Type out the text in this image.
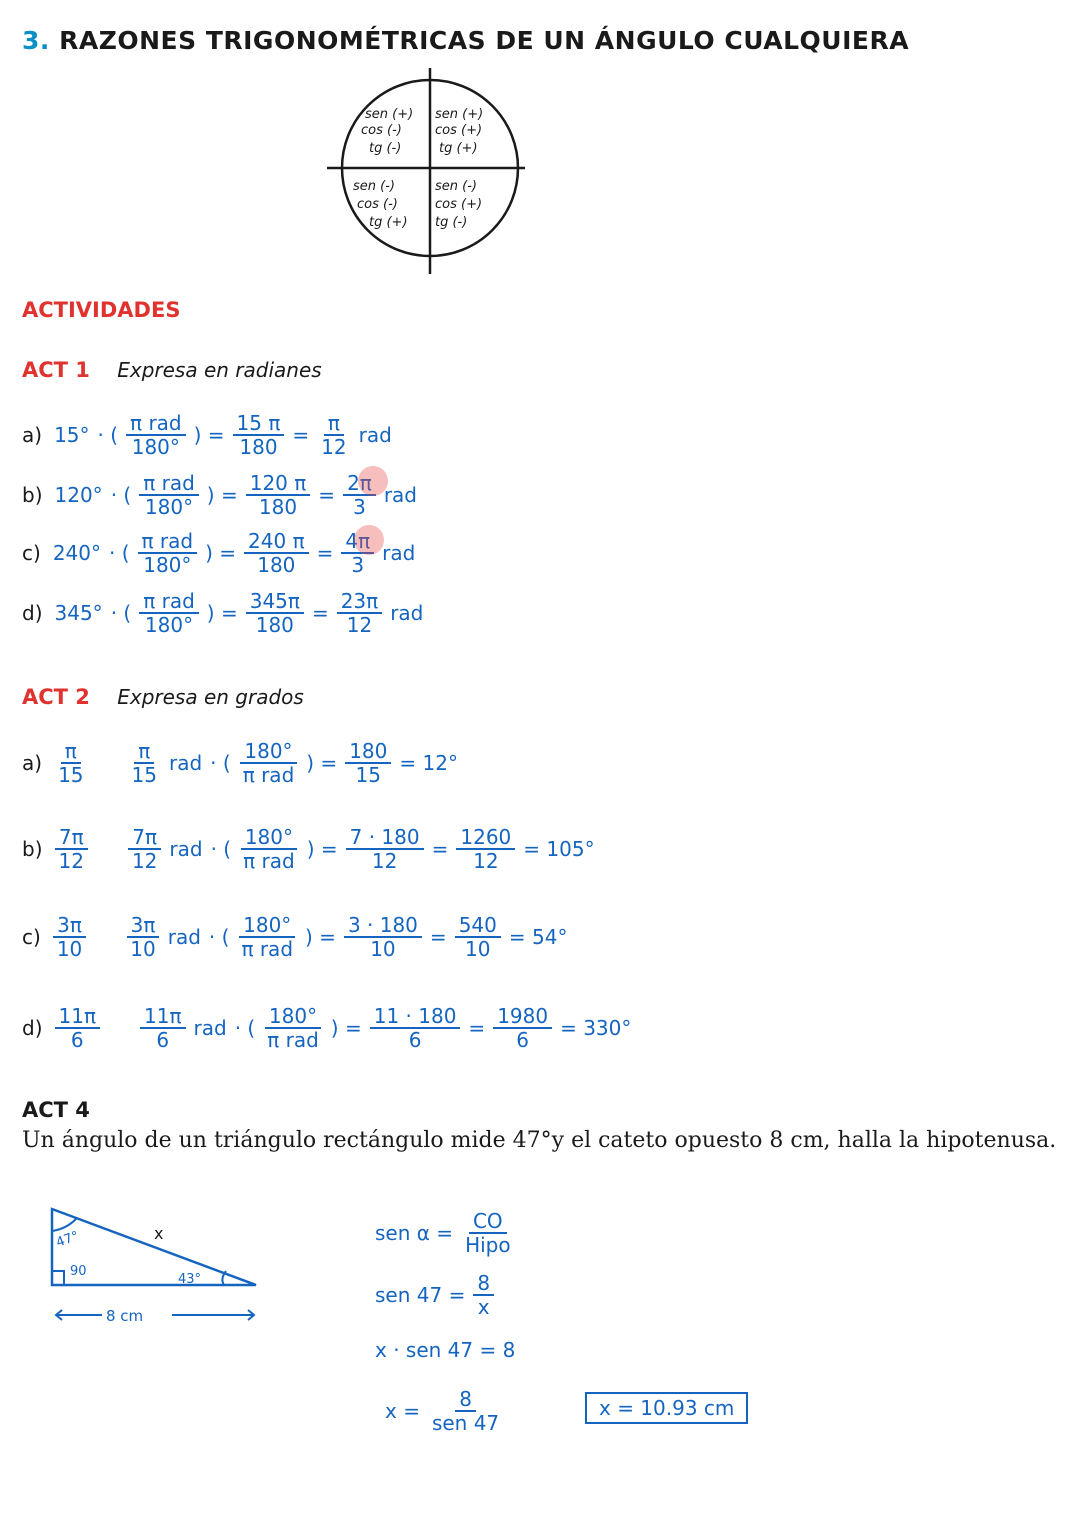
3. RAZONES TRIGONOMÉTRICAS DE UN ÁNGULO CUALQUIERA
sen (+)
cos (-)
tg (-)
sen (+)
cos (+)
tg (+)
sen (-)
cos (-)
tg (+)
sen (-)
cos (+)
tg (-)
ACTIVIDADES
ACT 1 Expresa en radianes
a) 15° · ( $\frac{\text{π rad}}{180^\circ}$ ) = $\frac{15 \pi}{180} = \frac{\pi}{12}$ rad
b) 120° · ( $\frac{\text{π rad}}{180^\circ}$ ) = $\frac{120 \pi}{180} = \frac{2\pi}{3}$ rad
c) 240° · ( $\frac{\text{π rad}}{180^\circ}$ ) = $\frac{240 \pi}{180} = \frac{4\pi}{3}$ rad
d) 345° · ( $\frac{\text{π rad}}{180^\circ}$ ) = $\frac{345\pi}{180} = \frac{23\pi}{12}$ rad
ACT 2 Expresa en grados
$a) \frac{\pi}{15} \frac{\pi}{15}$ rad · ( $\frac{180^\circ}{\text{π rad}}$ ) = $\frac{180}{15} = 12^\circ$
$b) \frac{7\pi}{12} \frac{7\pi}{12}$ rad · ( $\frac{180^\circ}{\text{π rad}}$ ) = $\frac{7 \cdot 180}{12} = \frac{1260}{12} = 105^\circ$
$c) \frac{3\pi}{10} \frac{3\pi}{10}$ rad · ( $\frac{180^\circ}{\text{π rad}}$ ) = $\frac{3 \cdot 180}{10} = \frac{540}{10} = 54^\circ$
$d) \frac{11\pi}{6} \frac{11\pi}{6}$ rad · ( $\frac{180^\circ}{\text{π rad}}$ ) = $\frac{11 \cdot 180}{6} = \frac{1980}{6} = 330^\circ$
ACT 4
Un ángulo de un triángulo rectángulo mide 47°y el cateto opuesto 8 cm, halla la hipotenusa.
47°
90
43°
x
8 cm
sen $\alpha = \frac{CO}{\text{Hipo}}$
sen $47 = \frac{8}{x}$
x · sen 47 = 8
$x = \frac{8}{\text{sen 47}}$	x = 10.93 cm
